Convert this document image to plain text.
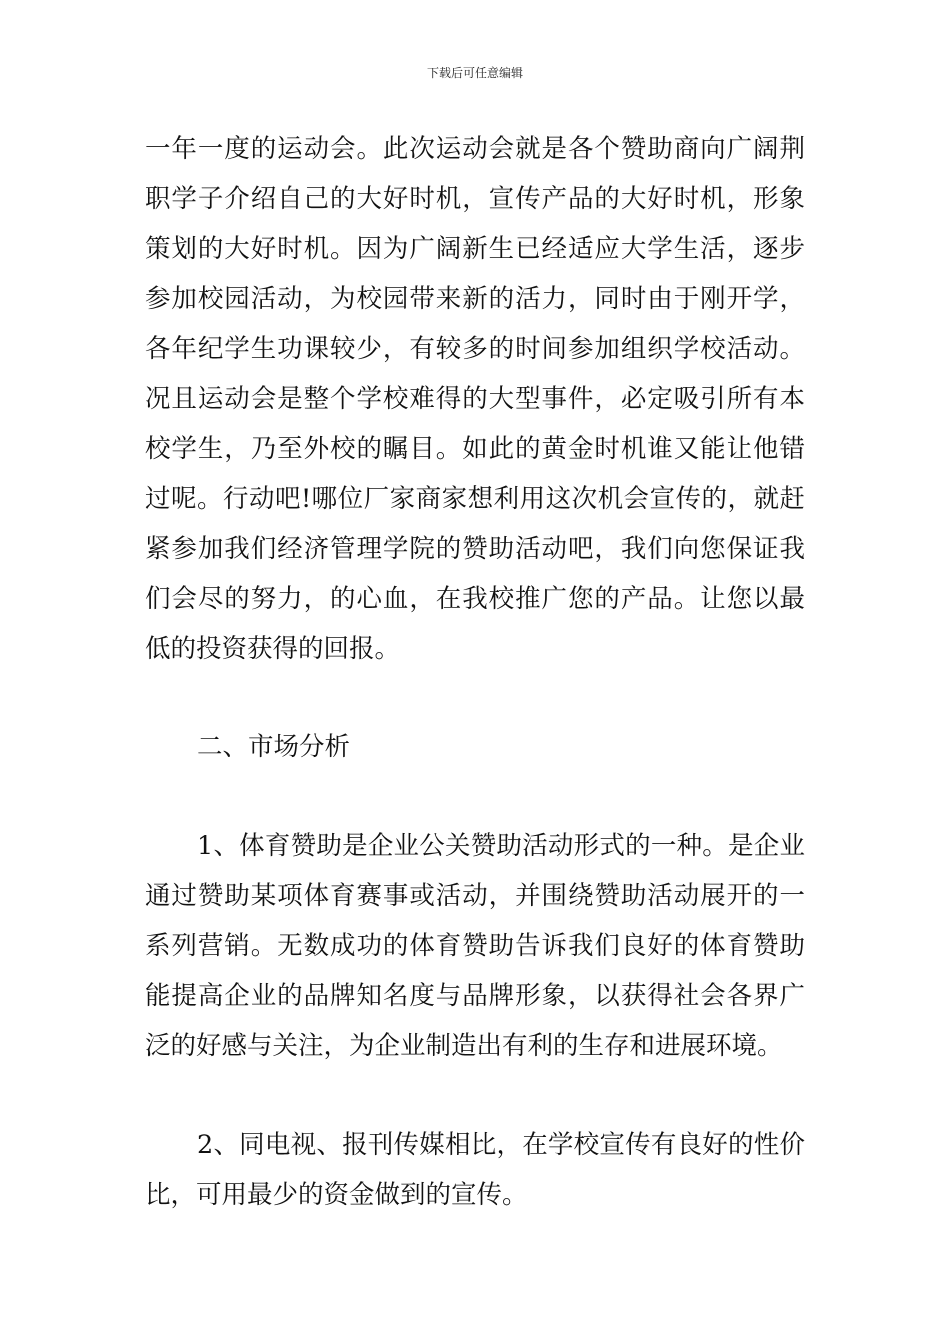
下载后可任意编辑

一年一度的运动会。此次运动会就是各个赞助商向广阔荆职学子介绍自己的大好时机，宣传产品的大好时机，形象策划的大好时机。因为广阔新生已经适应大学生活，逐步参加校园活动，为校园带来新的活力，同时由于刚开学，各年纪学生功课较少，有较多的时间参加组织学校活动。况且运动会是整个学校难得的大型事件，必定吸引所有本校学生，乃至外校的瞩目。如此的黄金时机谁又能让他错过呢。行动吧!哪位厂家商家想利用这次机会宣传的，就赶紧参加我们经济管理学院的赞助活动吧，我们向您保证我们会尽的努力，的心血，在我校推广您的产品。让您以最低的投资获得的回报。

二、市场分析

1、体育赞助是企业公关赞助活动形式的一种。是企业通过赞助某项体育赛事或活动，并围绕赞助活动展开的一系列营销。无数成功的体育赞助告诉我们良好的体育赞助能提高企业的品牌知名度与品牌形象，以获得社会各界广泛的好感与关注，为企业制造出有利的生存和进展环境。

2、同电视、报刊传媒相比，在学校宣传有良好的性价比，可用最少的资金做到的宣传。
